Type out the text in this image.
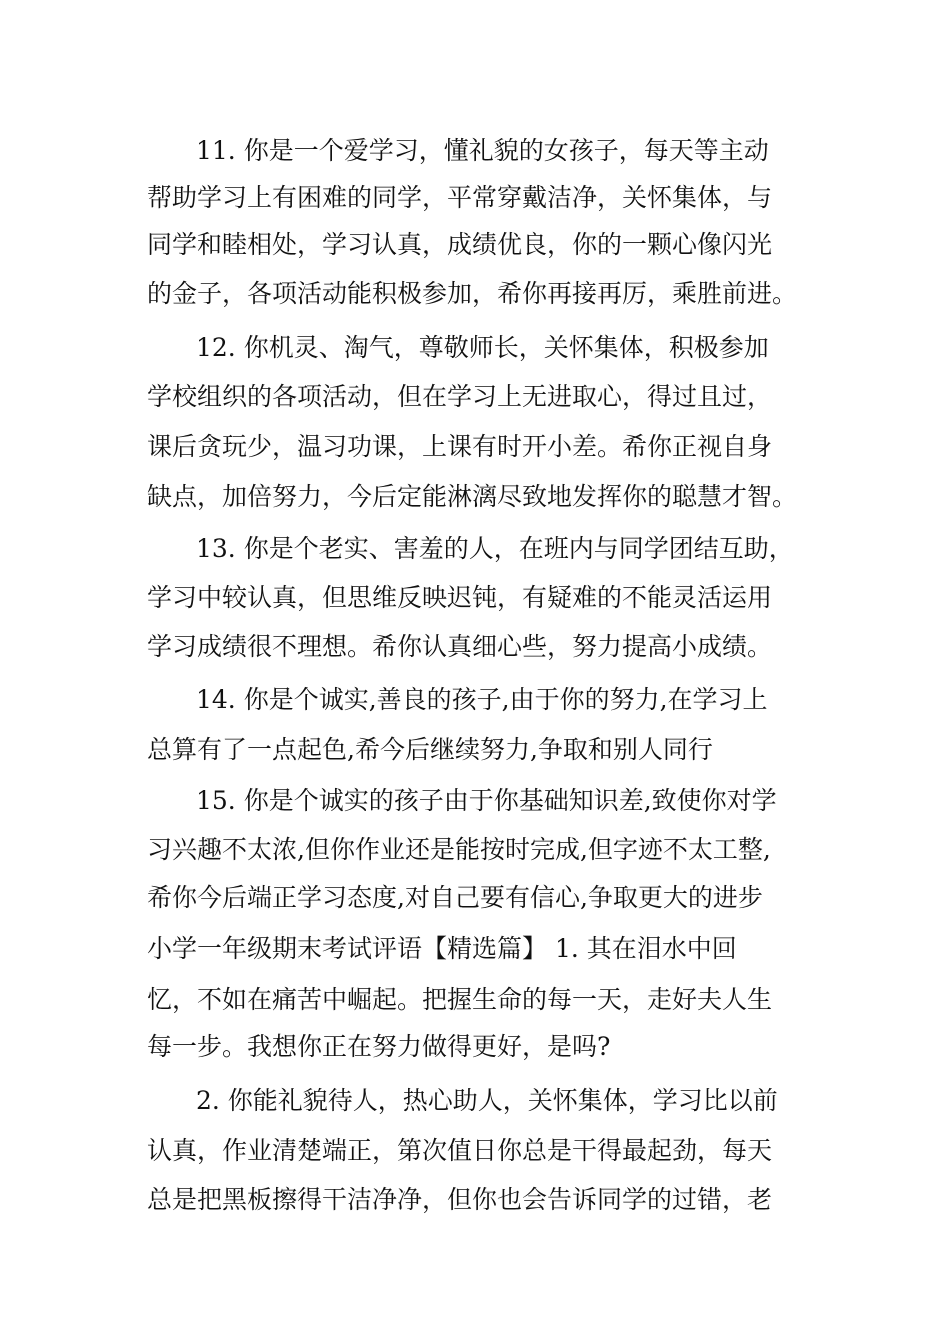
11. 你是一个爱学习，懂礼貌的女孩子，每天等主动
帮助学习上有困难的同学，平常穿戴洁净，关怀集体，与
同学和睦相处，学习认真，成绩优良，你的一颗心像闪光
的金子，各项活动能积极参加，希你再接再厉，乘胜前进。
12. 你机灵、淘气，尊敬师长，关怀集体，积极参加
学校组织的各项活动，但在学习上无进取心，得过且过，
课后贪玩少，温习功课，上课有时开小差。希你正视自身
缺点，加倍努力，今后定能淋漓尽致地发挥你的聪慧才智。
13. 你是个老实、害羞的人，在班内与同学团结互助，
学习中较认真，但思维反映迟钝，有疑难的不能灵活运用
学习成绩很不理想。希你认真细心些，努力提高小成绩。
14. 你是个诚实,善良的孩子,由于你的努力,在学习上
总算有了一点起色,希今后继续努力,争取和别人同行
15. 你是个诚实的孩子由于你基础知识差,致使你对学
习兴趣不太浓,但你作业还是能按时完成,但字迹不太工整,
希你今后端正学习态度,对自己要有信心,争取更大的进步
小学一年级期末考试评语【精选篇】 1. 其在泪水中回
忆，不如在痛苦中崛起。把握生命的每一天，走好夫人生
每一步。我想你正在努力做得更好，是吗?
2. 你能礼貌待人，热心助人，关怀集体，学习比以前
认真，作业清楚端正，第次值日你总是干得最起劲，每天
总是把黑板擦得干洁净净，但你也会告诉同学的过错，老
